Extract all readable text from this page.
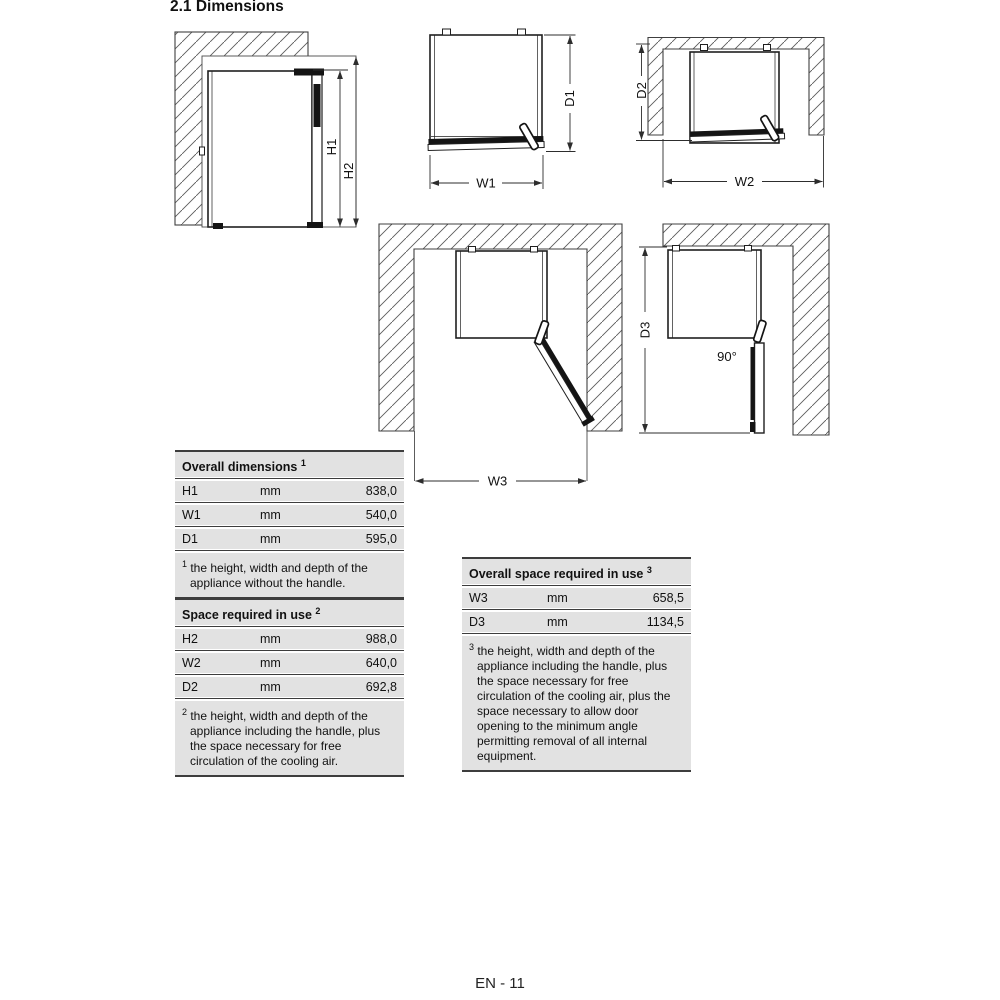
2.1 Dimensions
H1
H2
D1
W1
D2
W2
W3
90°
D3
Overall dimensions $^1$
H1	mm	838,0
W1	mm	540,0
D1	mm	595,0
$^1$ the height, width and depth of the appliance without the handle.
Space required in use $^2$
H2	mm	988,0
W2	mm	640,0
D2	mm	692,8
$^2$ the height, width and depth of the appliance including the handle, plus the space necessary for free circulation of the cooling air.
Overall space required in use $^3$
W3	mm	658,5
D3	mm	1134,5
$^3$ the height, width and depth of the appliance including the handle, plus the space necessary for free circulation of the cooling air, plus the space necessary to allow door opening to the minimum angle permitting removal of all internal equipment.
EN - 11
